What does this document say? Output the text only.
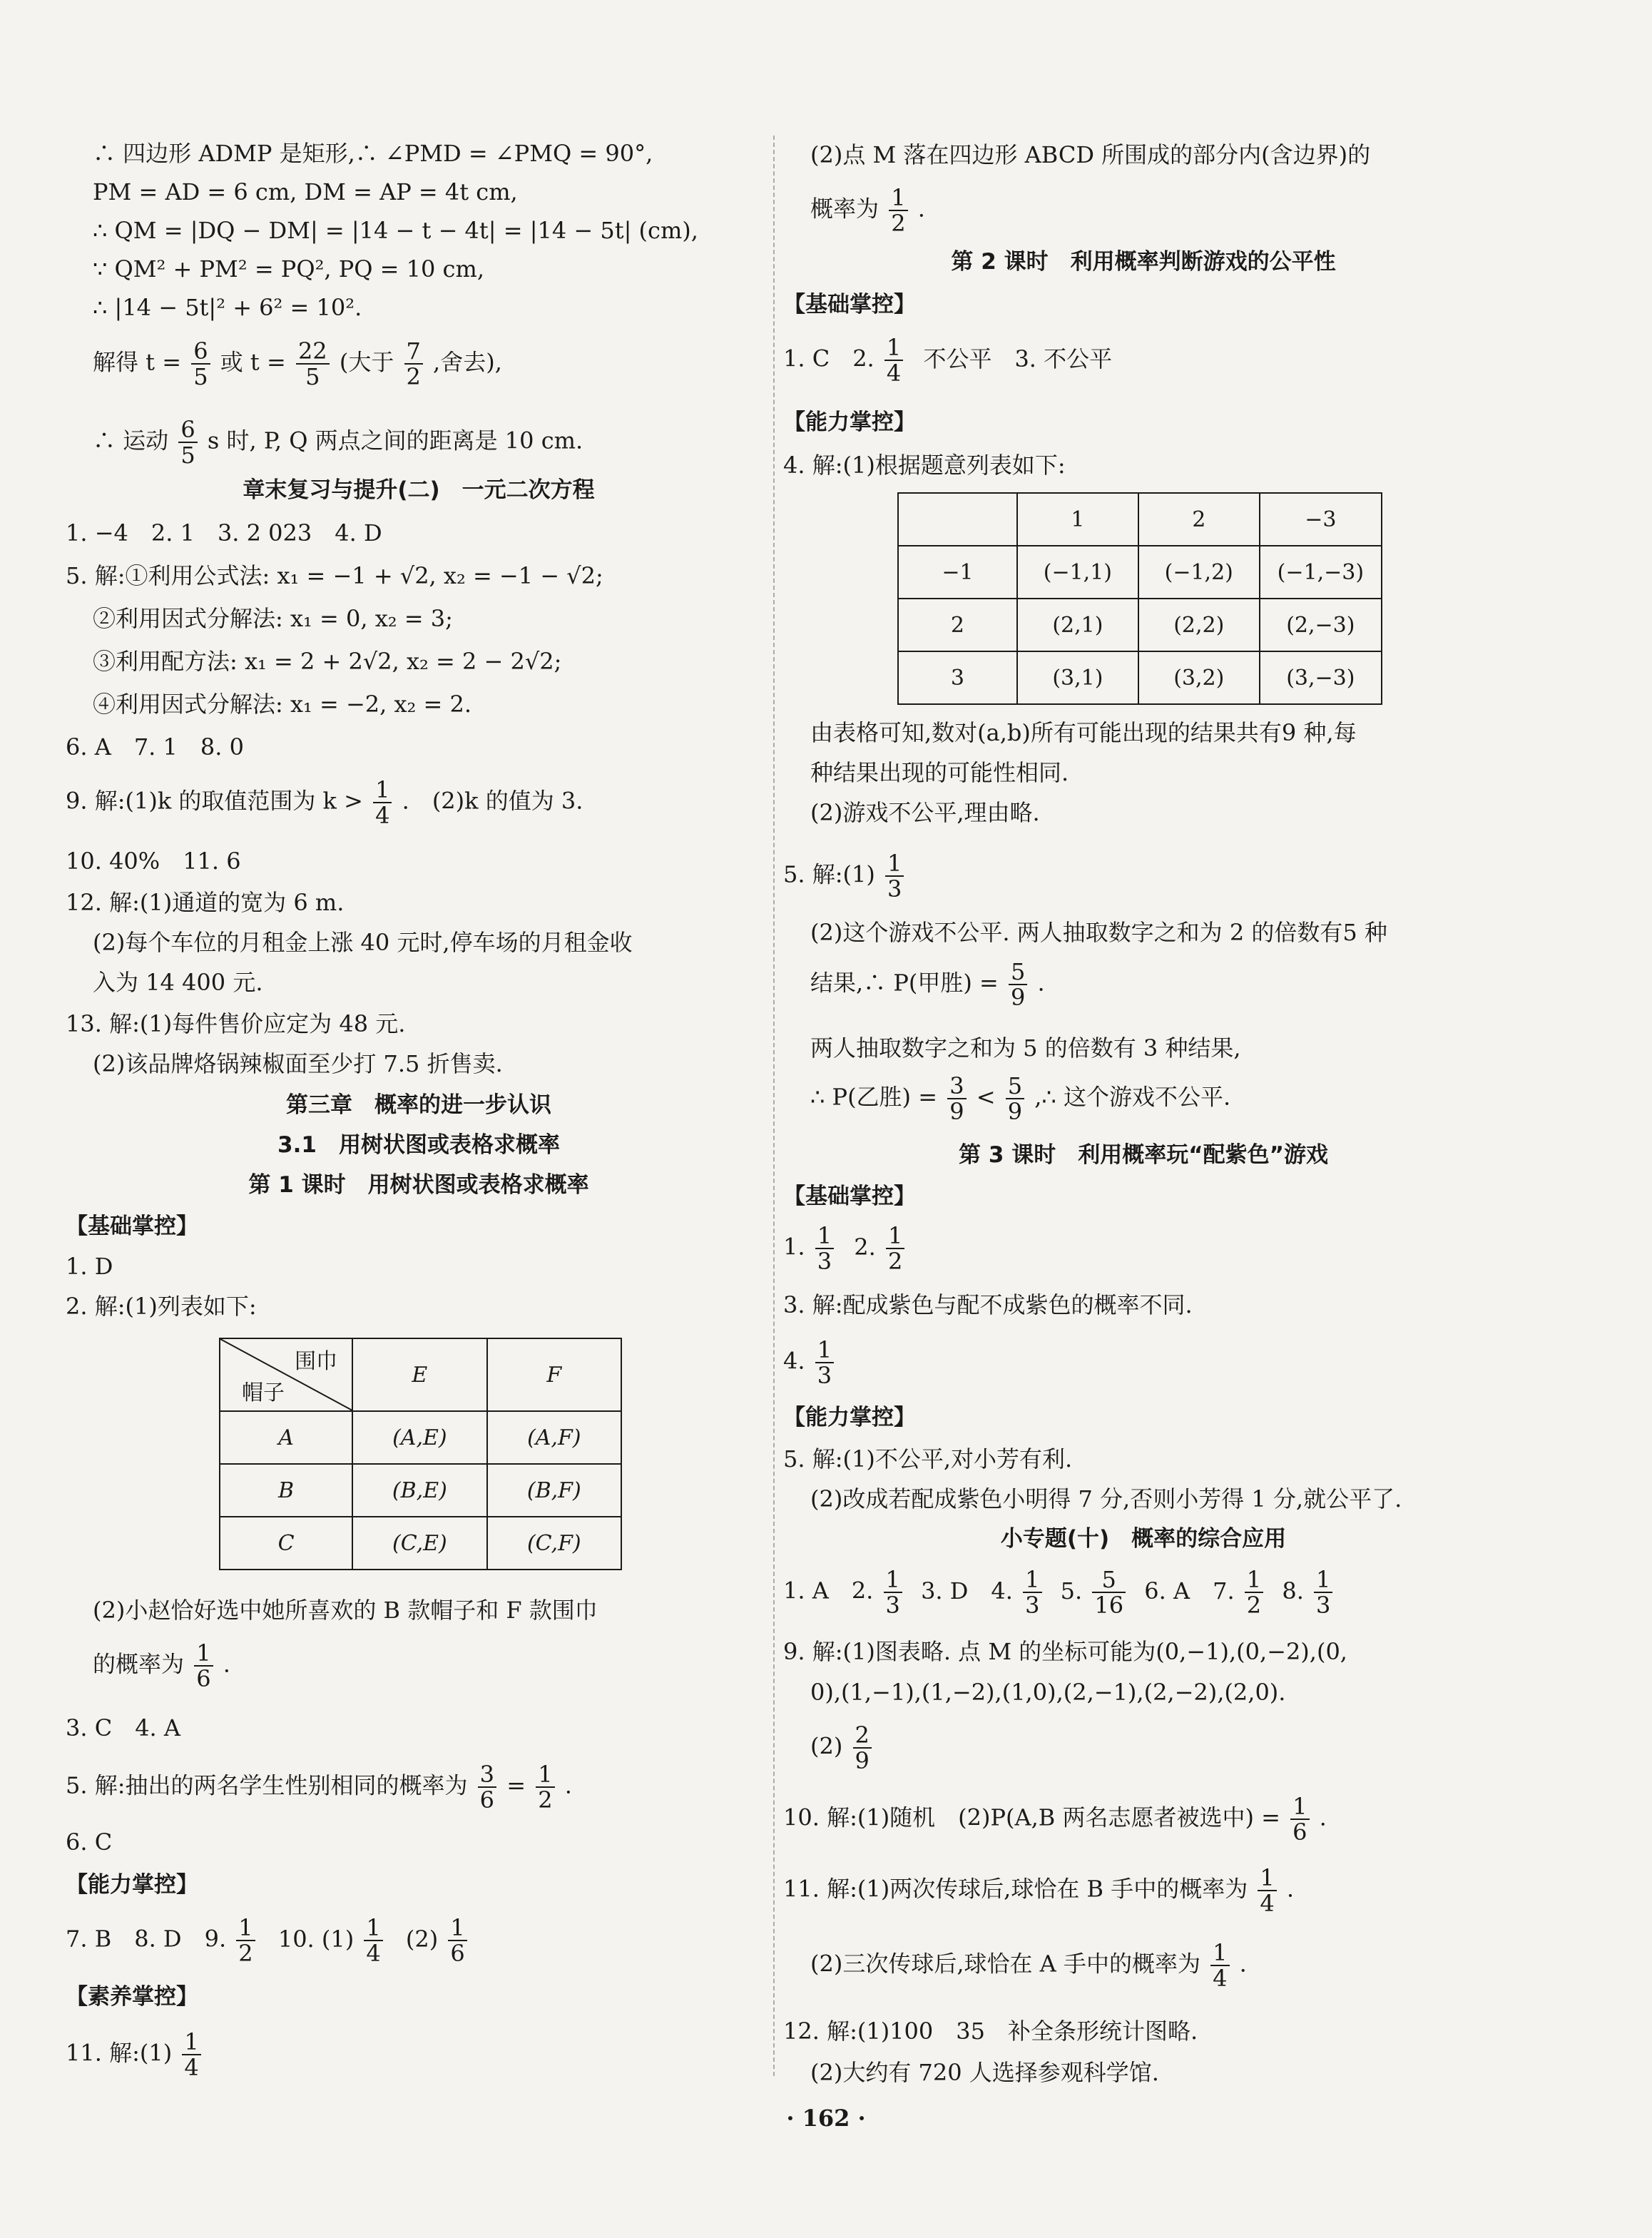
∴ 四边形 ADMP 是矩形,∴ ∠PMD = ∠PMQ = 90°,
PM = AD = 6 cm, DM = AP = 4t cm,
∴ QM = |DQ − DM| = |14 − t − 4t| = |14 − 5t| (cm),
∵ QM² + PM² = PQ², PQ = 10 cm,
∴ |14 − 5t|² + 6² = 10².
解得 $t = \frac{6}{5}$ 或 $t = \frac{22}{5}$ (大于 $\frac{7}{2}$ ,舍去),
∴ 运动 $\frac{6}{5}$ s 时, P, Q 两点之间的距离是 10 cm.
章末复习与提升(二)　一元二次方程
1. −4　2. 1　3. 2 023　4. D
5. 解:①利用公式法: x₁ = −1 + √2, x₂ = −1 − √2;
②利用因式分解法: x₁ = 0, x₂ = 3;
③利用配方法: x₁ = 2 + 2√2, x₂ = 2 − 2√2;
④利用因式分解法: x₁ = −2, x₂ = 2.
6. A　7. 1　8. 0
9. 解:(1)k 的取值范围为 $k > \frac{1}{4}$ .　(2)k 的值为 3.
10. 40%　11. 6
12. 解:(1)通道的宽为 6 m.
(2)每个车位的月租金上涨 40 元时,停车场的月租金收
入为 14 400 元.
13. 解:(1)每件售价应定为 48 元.
(2)该品牌烙锅辣椒面至少打 7.5 折售卖.
第三章　概率的进一步认识
3.1　用树状图或表格求概率
第 1 课时　用树状图或表格求概率
【基础掌控】
1. D
2. 解:(1)列表如下:
围巾
帽子	E	F
A	(A,E)	(A,F)
B	(B,E)	(B,F)
C	(C,E)	(C,F)
(2)小赵恰好选中她所喜欢的 B 款帽子和 F 款围巾
的概率为 $\frac{1}{6}$ .
3. C　4. A
5. 解:抽出的两名学生性别相同的概率为 $\frac{3}{6} = \frac{1}{2}$ .
6. C
【能力掌控】
7. B　8. D　9. $\frac{1}{2} 10$. $(1) \frac{1}{4} (2) \frac{1}{6}$
【素养掌控】
11. 解:(1) $\frac{1}{4}$
(2)点 M 落在四边形 ABCD 所围成的部分内(含边界)的
概率为 $\frac{1}{2}$ .
第 2 课时　利用概率判断游戏的公平性
【基础掌控】
1. C　2. $\frac{1}{4}$ 不公平　3. 不公平
【能力掌控】
4. 解:(1)根据题意列表如下:
	1	2	−3
−1	(−1,1)	(−1,2)	(−1,−3)
2	(2,1)	(2,2)	(2,−3)
3	(3,1)	(3,2)	(3,−3)
由表格可知,数对(a,b)所有可能出现的结果共有9 种,每
种结果出现的可能性相同.
(2)游戏不公平,理由略.
5. 解:(1) $\frac{1}{3}$
(2)这个游戏不公平. 两人抽取数字之和为 2 的倍数有5 种
结果,∴ P(甲胜) = $\frac{5}{9}$ .
两人抽取数字之和为 5 的倍数有 3 种结果,
∴ P(乙胜) = $\frac{3}{9} < \frac{5}{9}$ ,∴ 这个游戏不公平.
第 3 课时　利用概率玩“配紫色”游戏
【基础掌控】
1. $\frac{1}{3} 2$. $\frac{1}{2}$
3. 解:配成紫色与配不成紫色的概率不同.
4. $\frac{1}{3}$
【能力掌控】
5. 解:(1)不公平,对小芳有利.
(2)改成若配成紫色小明得 7 分,否则小芳得 1 分,就公平了.
小专题(十)　概率的综合应用
1. A　2. $\frac{1}{3} 3$. D　4. $\frac{1}{3} 5$. $\frac{5}{16} 6$. A　7. $\frac{1}{2} 8$. $\frac{1}{3}$
9. 解:(1)图表略. 点 M 的坐标可能为(0,−1),(0,−2),(0,
0),(1,−1),(1,−2),(1,0),(2,−1),(2,−2),(2,0).
$(2) \frac{2}{9}$
10. 解:(1)随机　(2)P(A,B 两名志愿者被选中) = $\frac{1}{6}$ .
11. 解:(1)两次传球后,球恰在 B 手中的概率为 $\frac{1}{4}$ .
(2)三次传球后,球恰在 A 手中的概率为 $\frac{1}{4}$ .
12. 解:(1)100　35　补全条形统计图略.
(2)大约有 720 人选择参观科学馆.
· 162 ·
